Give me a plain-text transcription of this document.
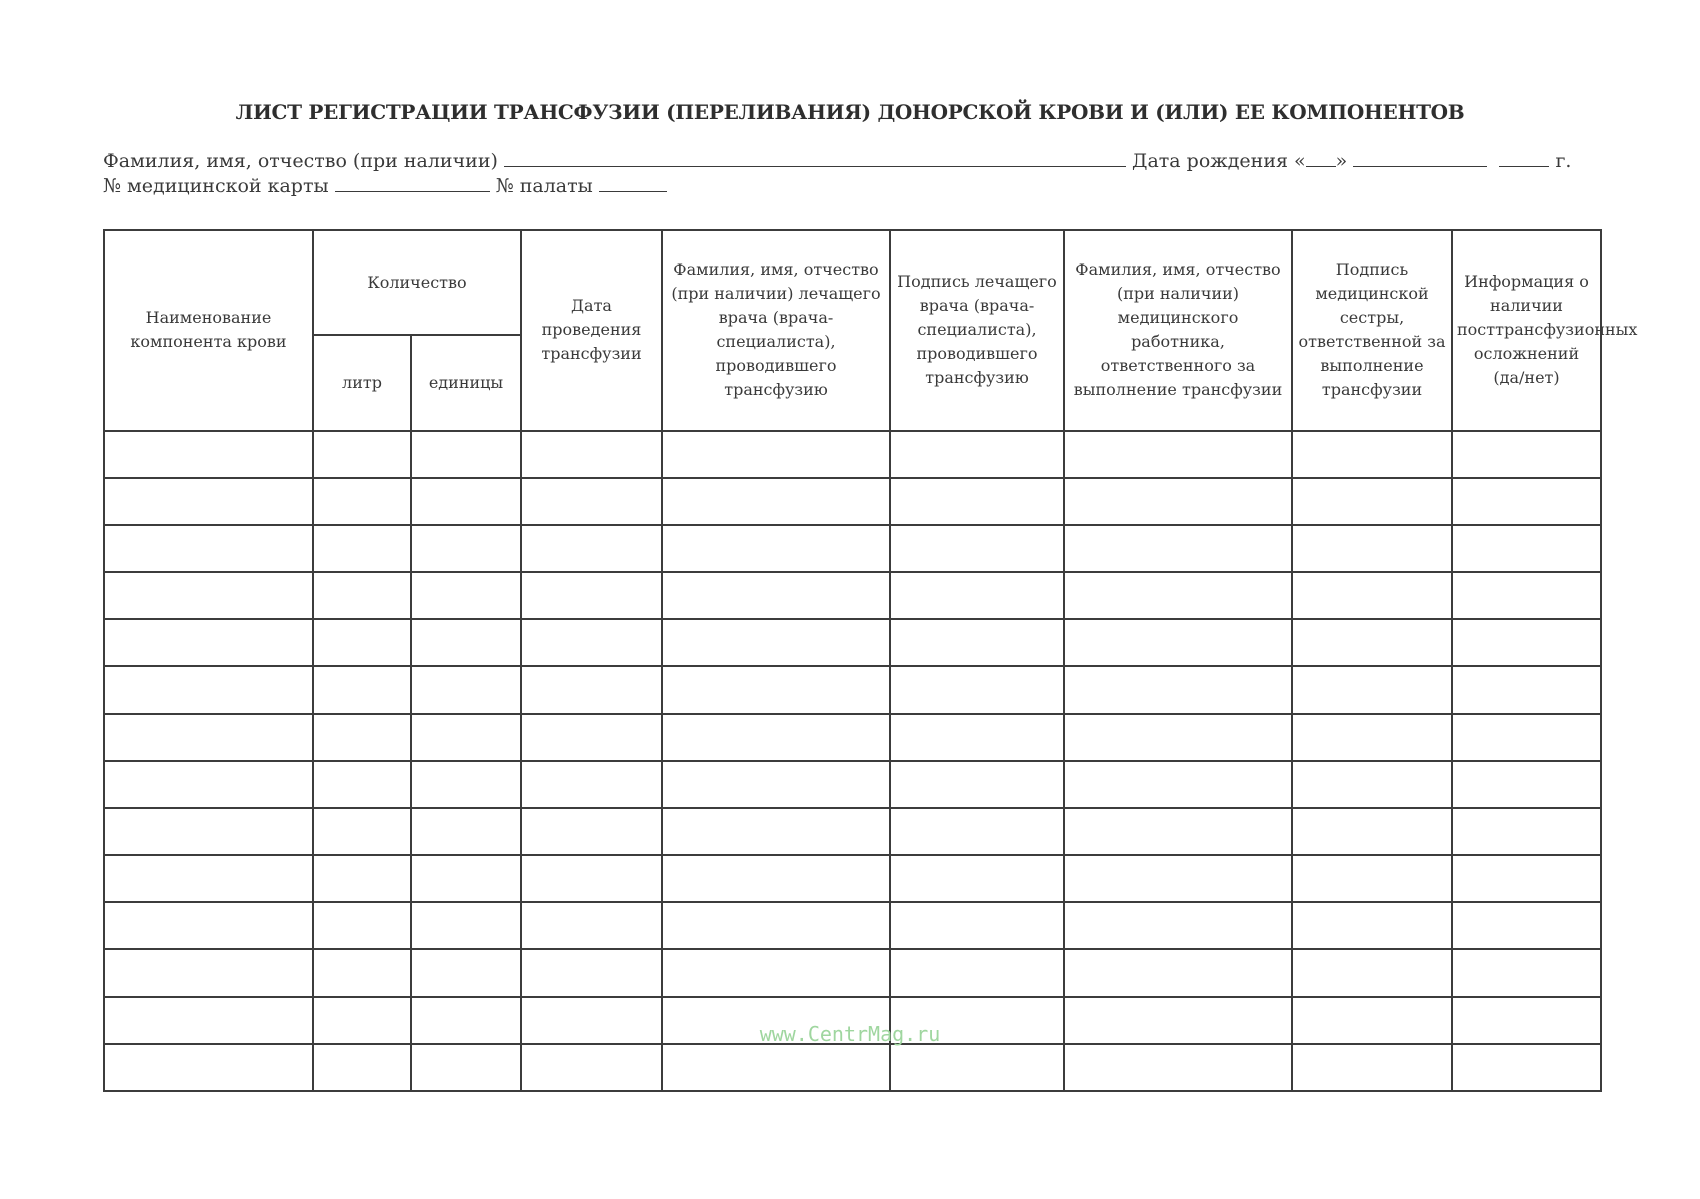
ЛИСТ РЕГИСТРАЦИИ ТРАНСФУЗИИ (ПЕРЕЛИВАНИЯ) ДОНОРСКОЙ КРОВИ И (ИЛИ) ЕЕ КОМПОНЕНТОВ
Фамилия, имя, отчество (при наличии)	Дата рождения « »	г.
№ медицинской карты	№ палаты
Наименование компонента крови	Количество		Дата проведения трансфузии	Фамилия, имя, отчество (при наличии) лечащего врача (врача-специалиста), проводившего трансфузию	Подпись лечащего врача (врача-специалиста), проводившего трансфузию	Фамилия, имя, отчество (при наличии) медицинского работника, ответственного за выполнение трансфузии	Подпись медицинской сестры, ответственной за выполнение трансфузии	Информация о наличии посттрансфузионных осложнений (да/нет)
	литр	единицы						

www.CentrMag.ru
